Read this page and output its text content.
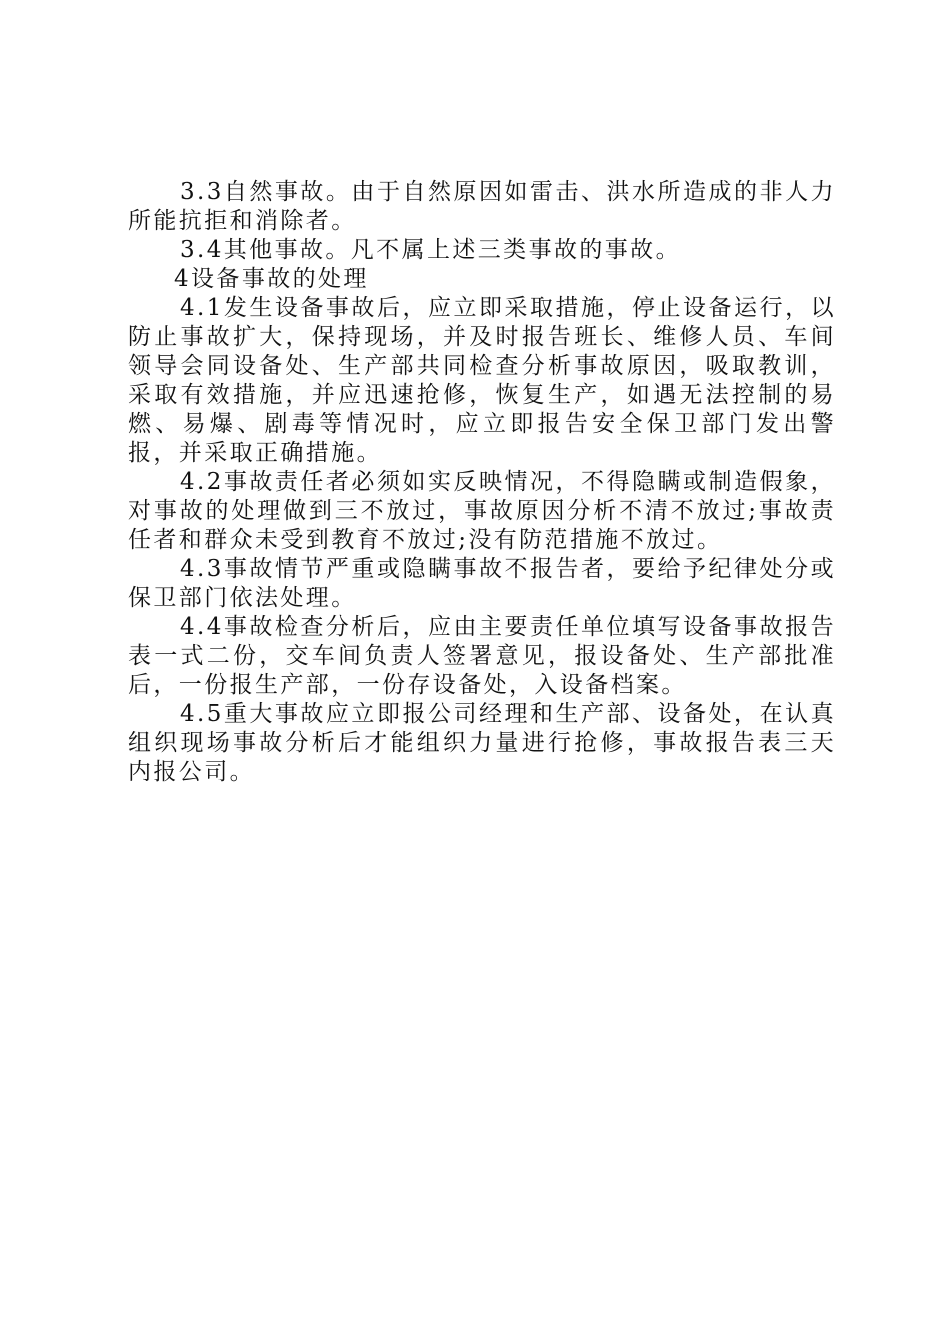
3.3自然事故。由于自然原因如雷击、洪水所造成的非人力所能抗拒和消除者。

3.4其他事故。凡不属上述三类事故的事故。

4设备事故的处理

4.1发生设备事故后，应立即采取措施，停止设备运行，以防止事故扩大，保持现场，并及时报告班长、维修人员、车间领导会同设备处、生产部共同检查分析事故原因，吸取教训，采取有效措施，并应迅速抢修，恢复生产，如遇无法控制的易燃、易爆、剧毒等情况时，应立即报告安全保卫部门发出警报，并采取正确措施。

4.2事故责任者必须如实反映情况，不得隐瞒或制造假象，对事故的处理做到三不放过，事故原因分析不清不放过;事故责任者和群众未受到教育不放过;没有防范措施不放过。

4.3事故情节严重或隐瞒事故不报告者，要给予纪律处分或保卫部门依法处理。

4.4事故检查分析后，应由主要责任单位填写设备事故报告表一式二份，交车间负责人签署意见，报设备处、生产部批准后，一份报生产部，一份存设备处，入设备档案。

4.5重大事故应立即报公司经理和生产部、设备处，在认真组织现场事故分析后才能组织力量进行抢修，事故报告表三天内报公司。
